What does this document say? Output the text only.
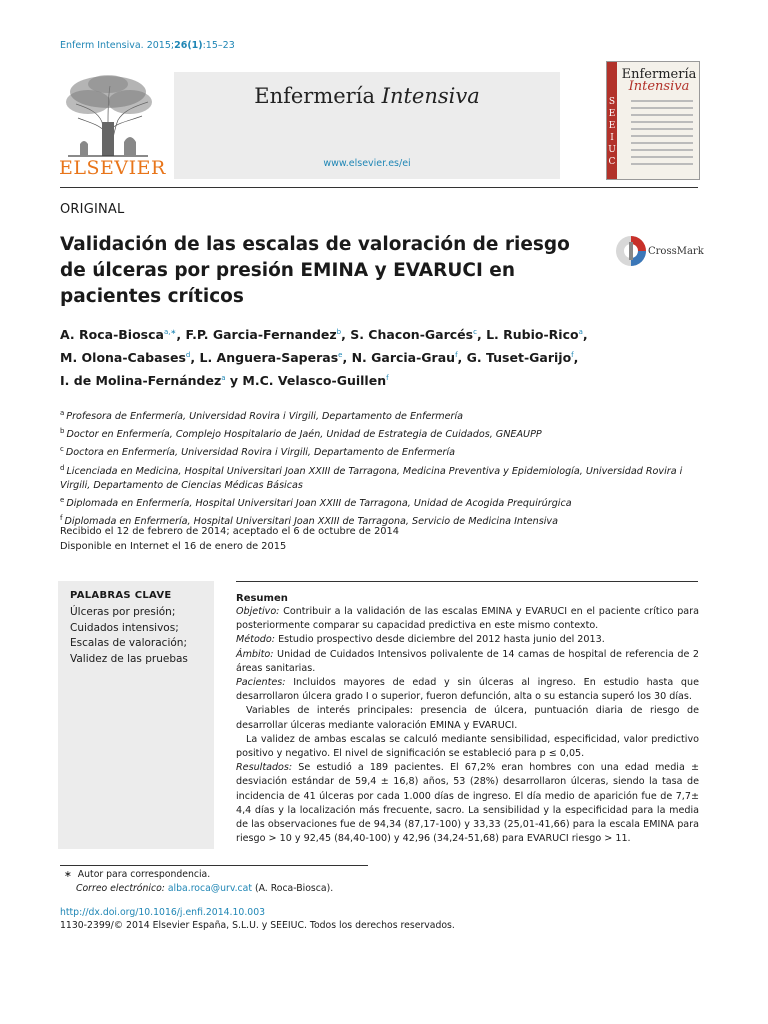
Enferm Intensiva. 2015;26(1):15–23
ELSEVIER
Enfermería Intensiva
www.elsevier.es/ei
Enfermería
Intensiva
S
E
E
I
U
C
ORIGINAL
Validación de las escalas de valoración de riesgo de úlceras por presión EMINA y EVARUCI en pacientes críticos
CrossMark
A. Roca-Biosca$^{a,∗}$, F.P. Garcia-Fernandez$^b$, S. Chacon-Garcés$^c$, L. Rubio-Rico$^a$,
M. Olona-Cabases$^d$, L. Anguera-Saperas$^e$, N. Garcia-Grau$^f$, G. Tuset-Garijo$^f$,
I. de Molina-Fernández$^a$ y M.C. Velasco-Guillen$^f$
$^a$ Profesora de Enfermería, Universidad Rovira i Virgili, Departamento de Enfermería
$^b$ Doctor en Enfermería, Complejo Hospitalario de Jaén, Unidad de Estrategia de Cuidados, GNEAUPP
$^c$ Doctora en Enfermería, Universidad Rovira i Virgili, Departamento de Enfermería
$^d$ Licenciada en Medicina, Hospital Universitari Joan XXIII de Tarragona, Medicina Preventiva y Epidemiología, Universidad Rovira i Virgili, Departamento de Ciencias Médicas Básicas
$^e$ Diplomada en Enfermería, Hospital Universitari Joan XXIII de Tarragona, Unidad de Acogida Prequirúrgica
$^f$ Diplomada en Enfermería, Hospital Universitari Joan XXIII de Tarragona, Servicio de Medicina Intensiva
Recibido el 12 de febrero de 2014; aceptado el 6 de octubre de 2014
Disponible en Internet el 16 de enero de 2015
PALABRAS CLAVE
Úlceras por presión;
Cuidados intensivos;
Escalas de valoración;
Validez de las pruebas
Resumen

Objetivo: Contribuir a la validación de las escalas EMINA y EVARUCI en el paciente crítico para posteriormente comparar su capacidad predictiva en este mismo contexto.

Método: Estudio prospectivo desde diciembre del 2012 hasta junio del 2013.

Ámbito: Unidad de Cuidados Intensivos polivalente de 14 camas de hospital de referencia de 2 áreas sanitarias.

Pacientes: Incluidos mayores de edad y sin úlceras al ingreso. En estudio hasta que desarrollaron úlcera grado I o superior, fueron defunción, alta o su estancia superó los 30 días.

Variables de interés principales: presencia de úlcera, puntuación diaria de riesgo de desarrollar úlceras mediante valoración EMINA y EVARUCI.

La validez de ambas escalas se calculó mediante sensibilidad, especificidad, valor predictivo positivo y negativo. El nivel de significación se estableció para p ≤ 0,05.

Resultados: Se estudió a 189 pacientes. El 67,2% eran hombres con una edad media ± desviación estándar de 59,4 ± 16,8) años, 53 (28%) desarrollaron úlceras, siendo la tasa de incidencia de 41 úlceras por cada 1.000 días de ingreso. El día medio de aparición fue de 7,7± 4,4 días y la localización más frecuente, sacro. La sensibilidad y la especificidad para la media de las observaciones fue de 94,34 (87,17-100) y 33,33 (25,01-41,66) para la escala EMINA para riesgo > 10 y 92,45 (84,40-100) y 42,96 (34,24-51,68) para EVARUCI riesgo > 11.

∗ Autor para correspondencia.
Correo electrónico: alba.roca@urv.cat (A. Roca-Biosca).
http://dx.doi.org/10.1016/j.enfi.2014.10.003
1130-2399/© 2014 Elsevier España, S.L.U. y SEEIUC. Todos los derechos reservados.
